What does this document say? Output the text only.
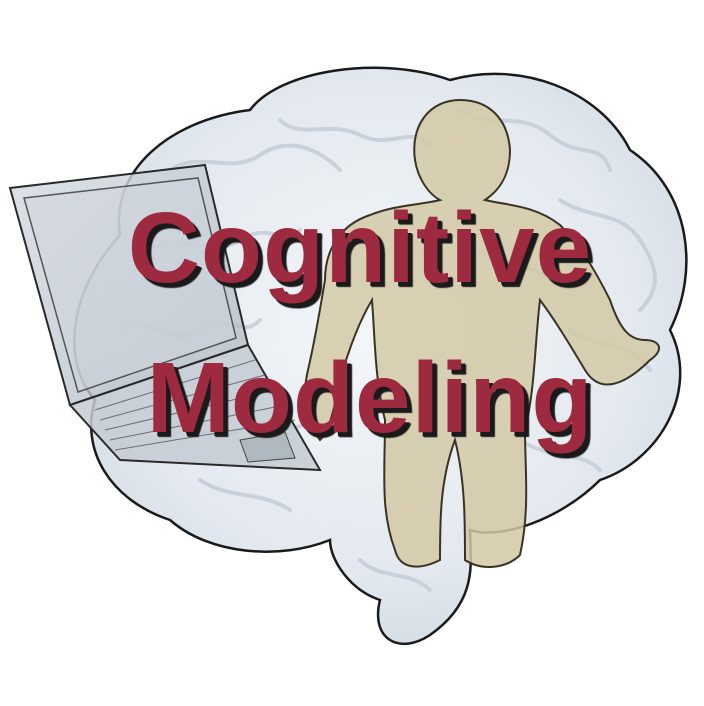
Cognitive
Modeling
